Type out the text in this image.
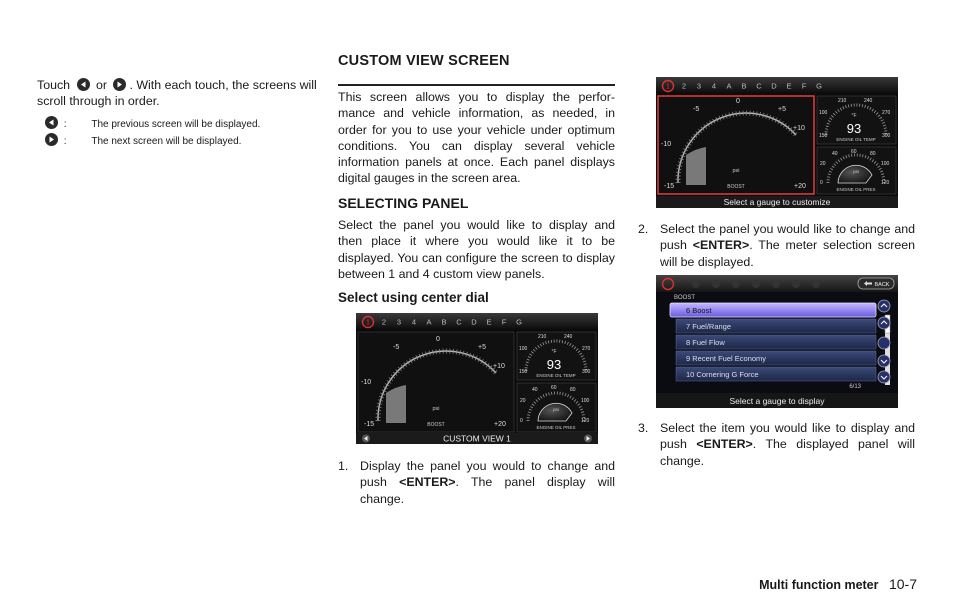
Touch or . With each touch, the screens will scroll through in order.

: The previous screen will be displayed.
: The next screen will be displayed.
CUSTOM VIEW SCREEN

This screen allows you to display the perfor- mance and vehicle information, as needed, in order for you to use your vehicle under optimum conditions. You can display several vehicle information panels at once. Each panel displays digital gauges in the screen area.

SELECTING PANEL

Select the panel you would like to display and then place it where you would like it to be displayed. You can configure the screen to display between 1 and 4 custom view panels.

Select using center dial
1 2 3 4 A B C D E F G
-5
0
+5
-10
+10
-15	+20
psi
BOOST
210	240
100	270
150	300
°F
93
ENGINE OIL TEMP
40	60	80
20	100
0	120
psi
ENGINE OIL PRES
CUSTOM VIEW 1
1. Display the panel you would to change and push <ENTER>. The panel display will change.
1 2 3 4 A B C D E F G
-5
0
+5
-10
+10
-15	+20
psi
BOOST
210	240
100	270
150	300
°F
93
ENGINE OIL TEMP
40	60	80
20	100
0	120
psi
ENGINE OIL PRES
Select a gauge to customize
2. Select the panel you would like to change and push <ENTER>. The meter selection screen will be displayed.
BACK
BOOST
6 Boost
7 Fuel/Range
8 Fuel Flow
9 Recent Fuel Economy
10 Cornering G Force
6/13
Select a gauge to display
3. Select the item you would like to display and push <ENTER>. The displayed panel will change.
Multi function meter 10-7
